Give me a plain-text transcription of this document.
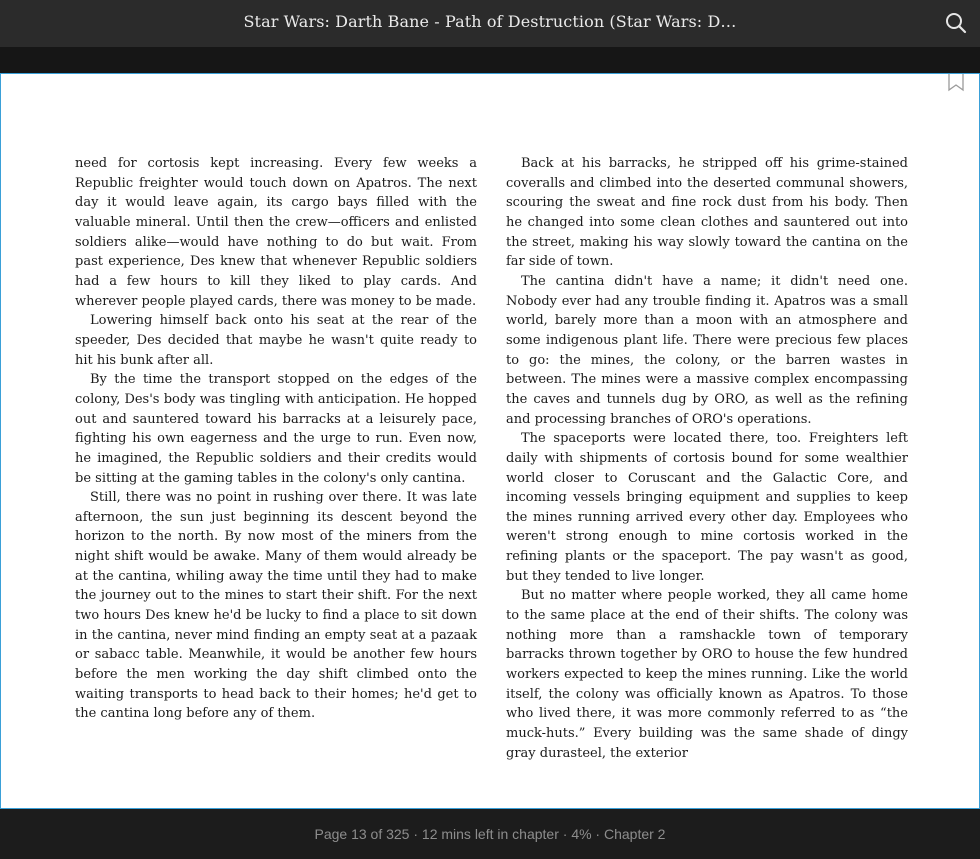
Star Wars: Darth Bane - Path of Destruction (Star Wars: D…

need for cortosis kept increasing. Every few weeks a Republic freighter would touch down on Apatros. The next day it would leave again, its cargo bays filled with the valuable mineral. Until then the crew—officers and enlisted soldiers alike—would have nothing to do but wait. From past experience, Des knew that whenever Republic soldiers had a few hours to kill they liked to play cards. And wherever people played cards, there was money to be made.

Lowering himself back onto his seat at the rear of the speeder, Des decided that maybe he wasn't quite ready to hit his bunk after all.

By the time the transport stopped on the edges of the colony, Des's body was tingling with anticipation. He hopped out and sauntered toward his barracks at a leisurely pace, fighting his own eagerness and the urge to run. Even now, he imagined, the Republic soldiers and their credits would be sitting at the gaming tables in the colony's only cantina.

Still, there was no point in rushing over there. It was late afternoon, the sun just beginning its descent beyond the horizon to the north. By now most of the miners from the night shift would be awake. Many of them would already be at the cantina, whiling away the time until they had to make the journey out to the mines to start their shift. For the next two hours Des knew he'd be lucky to find a place to sit down in the cantina, never mind finding an empty seat at a pazaak or sabacc table. Meanwhile, it would be another few hours before the men working the day shift climbed onto the waiting transports to head back to their homes; he'd get to the cantina long before any of them.

Back at his barracks, he stripped off his grime-stained coveralls and climbed into the deserted communal showers, scouring the sweat and fine rock dust from his body. Then he changed into some clean clothes and sauntered out into the street, making his way slowly toward the cantina on the far side of town.

The cantina didn't have a name; it didn't need one. Nobody ever had any trouble finding it. Apatros was a small world, barely more than a moon with an atmosphere and some indigenous plant life. There were precious few places to go: the mines, the colony, or the barren wastes in between. The mines were a massive complex encompassing the caves and tunnels dug by ORO, as well as the refining and processing branches of ORO's operations.

The spaceports were located there, too. Freighters left daily with shipments of cortosis bound for some wealthier world closer to Coruscant and the Galactic Core, and incoming vessels bringing equipment and supplies to keep the mines running arrived every other day. Employees who weren't strong enough to mine cortosis worked in the refining plants or the spaceport. The pay wasn't as good, but they tended to live longer.

But no matter where people worked, they all came home to the same place at the end of their shifts. The colony was nothing more than a ramshackle town of temporary barracks thrown together by ORO to house the few hundred workers expected to keep the mines running. Like the world itself, the colony was officially known as Apatros. To those who lived there, it was more commonly referred to as “the muck-huts.” Every building was the same shade of dingy gray durasteel, the exterior

Page 13 of 325 · 12 mins left in chapter · 4% · Chapter 2
